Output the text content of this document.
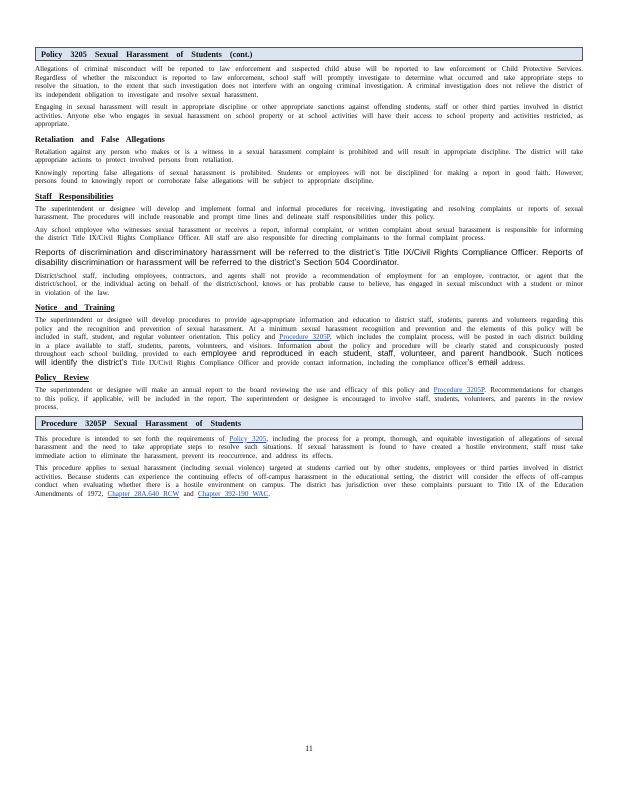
Policy 3205 Sexual Harassment of Students (cont.)

Allegations of criminal misconduct will be reported to law enforcement and suspected child abuse will be reported to law enforcement or Child Protective Services. Regardless of whether the misconduct is reported to law enforcement, school staff will promptly investigate to determine what occurred and take appropriate steps to resolve the situation, to the extent that such investigation does not interfere with an ongoing criminal investigation. A criminal investigation does not relieve the district of its independent obligation to investigate and resolve sexual harassment.

Engaging in sexual harassment will result in appropriate discipline or other appropriate sanctions against offending students, staff or other third parties involved in district activities. Anyone else who engages in sexual harassment on school property or at school activities will have their access to school property and activities restricted, as appropriate.

Retaliation and False Allegations

Retaliation against any person who makes or is a witness in a sexual harassment complaint is prohibited and will result in appropriate discipline. The district will take appropriate actions to protect involved persons from retaliation.

Knowingly reporting false allegations of sexual harassment is prohibited. Students or employees will not be disciplined for making a report in good faith. However, persons found to knowingly report or corroborate false allegations will be subject to appropriate discipline.

Staff Responsibilities

The superintendent or designee will develop and implement formal and informal procedures for receiving, investigating and resolving complaints or reports of sexual harassment. The procedures will include reasonable and prompt time lines and delineate staff responsibilities under this policy.

Any school employee who witnesses sexual harassment or receives a report, informal complaint, or written complaint about sexual harassment is responsible for informing the district Title IX/Civil Rights Compliance Officer. All staff are also responsible for directing complainants to the formal complaint process.

Reports of discrimination and discriminatory harassment will be referred to the district’s Title IX/Civil Rights Compliance Officer. Reports of disability discrimination or harassment will be referred to the district’s Section 504 Coordinator.

District/school staff, including employees, contractors, and agents shall not provide a recommendation of employment for an employee, contractor, or agent that the district/school, or the individual acting on behalf of the district/school, knows or has probable cause to believe, has engaged in sexual misconduct with a student or minor in violation of the law.

Notice and Training

The superintendent or designee will develop procedures to provide age-appropriate information and education to district staff, students, parents and volunteers regarding this policy and the recognition and prevention of sexual harassment. At a minimum sexual harassment recognition and prevention and the elements of this policy will be included in staff, student, and regular volunteer orientation. This policy and Procedure 3205P, which includes the complaint process, will be posted in each district building in a place available to staff, students, parents, volunteers, and visitors. Information about the policy and procedure will be clearly stated and conspicuously posted throughout each school building, provided to each employee and reproduced in each student, staff, volunteer, and parent handbook. Such notices will identify the district’s Title IX/Civil Rights Compliance Officer and provide contact information, including the compliance officer’s email address.

Policy Review

The superintendent or designee will make an annual report to the board reviewing the use and efficacy of this policy and Procedure 3205P. Recommendations for changes to this policy, if applicable, will be included in the report. The superintendent or designee is encouraged to involve staff, students, volunteers, and parents in the review process.

Procedure 3205P Sexual Harassment of Students

This procedure is intended to set forth the requirements of Policy 3205, including the process for a prompt, thorough, and equitable investigation of allegations of sexual harassment and the need to take appropriate steps to resolve such situations. If sexual harassment is found to have created a hostile environment, staff must take immediate action to eliminate the harassment, prevent its reoccurrence, and address its effects.

This procedure applies to sexual harassment (including sexual violence) targeted at students carried out by other students, employees or third parties involved in district activities. Because students can experience the continuing effects of off-campus harassment in the educational setting, the district will consider the effects of off-campus conduct when evaluating whether there is a hostile environment on campus. The district has jurisdiction over these complaints pursuant to Title IX of the Education Amendments of 1972, Chapter 28A.640 RCW and Chapter 392-190 WAC.

11
